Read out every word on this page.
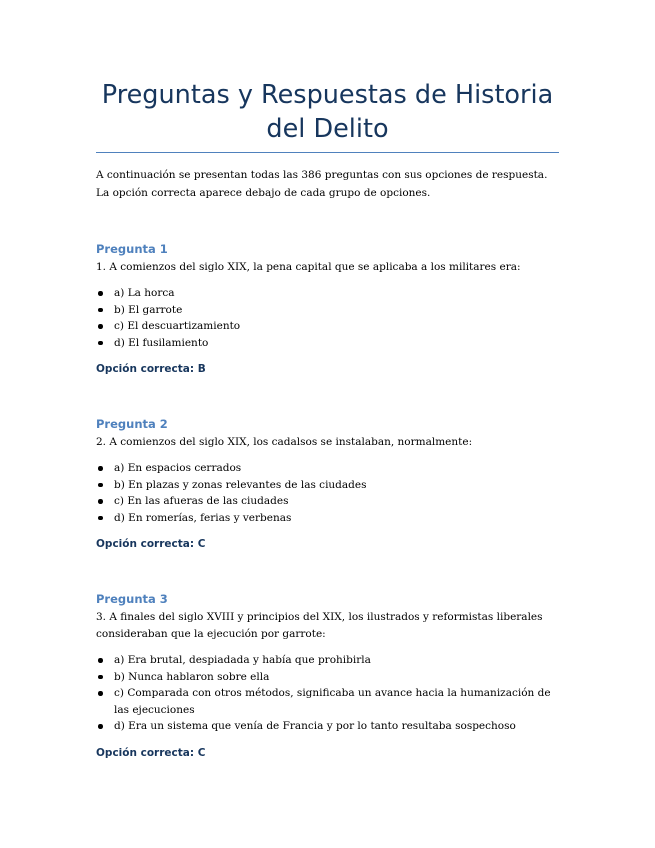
Preguntas y Respuestas de Historia del Delito
A continuación se presentan todas las 386 preguntas con sus opciones de respuesta. La opción correcta aparece debajo de cada grupo de opciones.
Pregunta 1
1. A comienzos del siglo XIX, la pena capital que se aplicaba a los militares era:
a) La horca
b) El garrote
c) El descuartizamiento
d) El fusilamiento
Opción correcta: B
Pregunta 2
2. A comienzos del siglo XIX, los cadalsos se instalaban, normalmente:
a) En espacios cerrados
b) En plazas y zonas relevantes de las ciudades
c) En las afueras de las ciudades
d) En romerías, ferias y verbenas
Opción correcta: C
Pregunta 3
3. A finales del siglo XVIII y principios del XIX, los ilustrados y reformistas liberales consideraban que la ejecución por garrote:
a) Era brutal, despiadada y había que prohibirla
b) Nunca hablaron sobre ella
c) Comparada con otros métodos, significaba un avance hacia la humanización de las ejecuciones
d) Era un sistema que venía de Francia y por lo tanto resultaba sospechoso
Opción correcta: C
